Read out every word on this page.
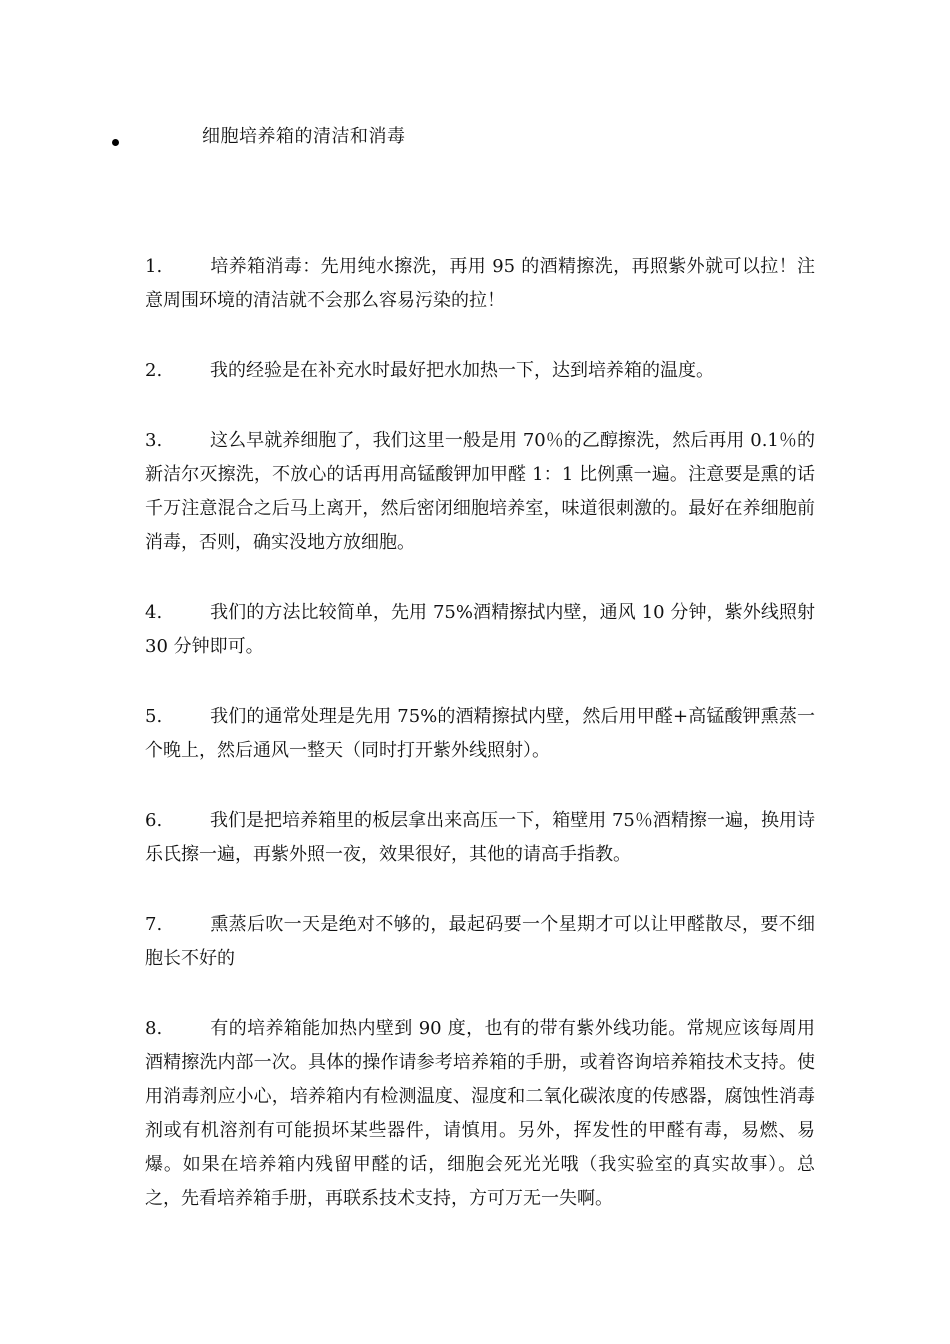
细胞培养箱的清洁和消毒

1.	培养箱消毒：先用纯水擦洗，再用 95 的酒精擦洗，再照紫外就可以拉！注意周围环境的清洁就不会那么容易污染的拉！

2.	我的经验是在补充水时最好把水加热一下，达到培养箱的温度。

3.	这么早就养细胞了，我们这里一般是用 70％的乙醇擦洗，然后再用 0.1％的新洁尔灭擦洗，不放心的话再用高锰酸钾加甲醛 1：1 比例熏一遍。注意要是熏的话千万注意混合之后马上离开，然后密闭细胞培养室，味道很刺激的。最好在养细胞前消毒，否则，确实没地方放细胞。

4.	我们的方法比较简单，先用 75%酒精擦拭内壁，通风 10 分钟，紫外线照射 30 分钟即可。

5.	我们的通常处理是先用 75%的酒精擦拭内壁，然后用甲醛+高锰酸钾熏蒸一个晚上，然后通风一整天（同时打开紫外线照射）。

6.	我们是把培养箱里的板层拿出来高压一下，箱壁用 75％酒精擦一遍，换用诗乐氏擦一遍，再紫外照一夜，效果很好，其他的请高手指教。

7.	熏蒸后吹一天是绝对不够的，最起码要一个星期才可以让甲醛散尽，要不细胞长不好的

8.	有的培养箱能加热内壁到 90 度，也有的带有紫外线功能。常规应该每周用酒精擦洗内部一次。具体的操作请参考培养箱的手册，或着咨询培养箱技术支持。使用消毒剂应小心，培养箱内有检测温度、湿度和二氧化碳浓度的传感器，腐蚀性消毒剂或有机溶剂有可能损坏某些器件，请慎用。另外，挥发性的甲醛有毒，易燃、易爆。如果在培养箱内残留甲醛的话，细胞会死光光哦（我实验室的真实故事）。总之，先看培养箱手册，再联系技术支持，方可万无一失啊。
